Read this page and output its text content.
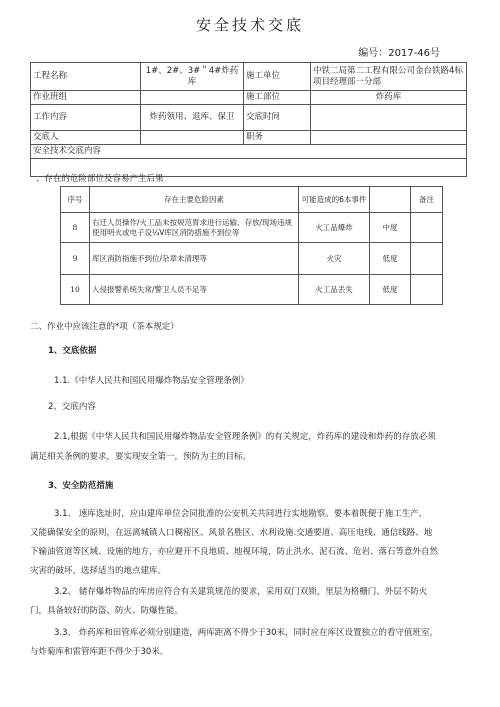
安全技术交底
编号：2017-46号
工程名称	1#、2#、3#＂4#炸药库	施工单位	中铁二局第二工程有限公司金台铁路4标项目经理部一分部
作业班组		施工部位	炸药库
工作内容	炸药领用、退库、保卫	交底时间	
交底人		职务	
安全技术交底内容			

、存在的危险部位及容易产生后果
序号	存在主要危险因素	可能造成的6本事件		备注
8	右迁人员操作/火工品未按规范胃求进行运输、存放/现场违规使用明火或电子设¼V库区消防措施不到位等	火工品爆炸	中度	
9	库区消防指施不到位/杂章未清理等	火灾	低度	
10	入侵报警系统失常/警卫人员不足等	火工品丢失	低度	
二、作业中应该注意的*项（茶本规定）
1、交底依据
1.1.《中华人民共和国民用爆炸物品安全管理条例》
2、交底内容
2.1,根据《中华人民共和国民用爆炸物品安全管理条例》的有关规定，炸药库的建设和炸药的存放必须
满足相关条例的要求，要实现安全第一，预防为主的目标。
3、安全防范措施
3.1、 速库选址时，应由建库单位会同批准的公安机关共同进行实地勘察。要本着既便于施工生产，
又能确保安全的原则，在远离城镇人口稠密区、风景名胜区、水利设施.交通要道、高压电线、通信线路、地
下输油管道等区域、设施的地方，亦应避开不良地质、地视环境，防止洪水、泥石流、危岩、落石等意外自然
灾害的破坏，选择适当的地点建库。
3.2、 储存爆炸物品的库房应符合有关建筑规范的要求，采用双门双锁，里层为格栅门、外层不防火
门，具备较好的防盗、防火、防爆性能。
3.3、 炸药库和田管库必须分别建造，两库距离不得少于30米，同时应在库区设置独立的看守值班室，
与炸菊库和雷管库距不得少于30米。
